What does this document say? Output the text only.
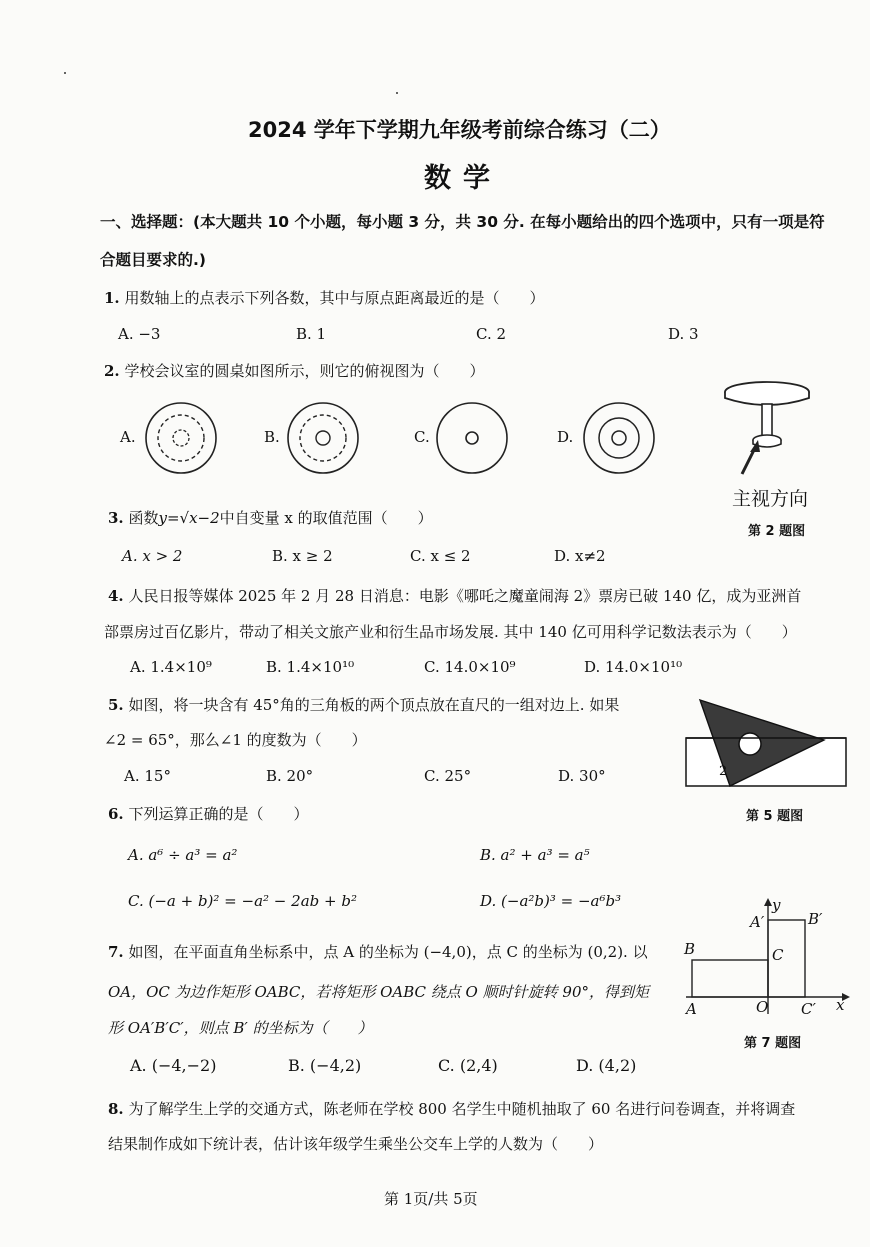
2024 学年下学期九年级考前综合练习（二）
数学
一、选择题：(本大题共 10 个小题，每小题 3 分，共 30 分. 在每小题给出的四个选项中，只有一项是符
合题目要求的.)
1. 用数轴上的点表示下列各数，其中与原点距离最近的是（　　）
A. −3	B. 1	C. 2	D. 3
2. 学校会议室的圆桌如图所示，则它的俯视图为（　　）
A.	B.	C.	D.
主视方向
第 2 题图
3. 函数y=√x−2中自变量 x 的取值范围（　　）
A. x > 2	B. x ≥ 2	C. x ≤ 2	D. x≠2
4. 人民日报等媒体 2025 年 2 月 28 日消息：电影《哪吒之魔童闹海 2》票房已破 140 亿，成为亚洲首
部票房过百亿影片，带动了相关文旅产业和衍生品市场发展. 其中 140 亿可用科学记数法表示为（　　）
A. 1.4×10⁹	B. 1.4×10¹⁰	C. 14.0×10⁹	D. 14.0×10¹⁰
5. 如图，将一块含有 45°角的三角板的两个顶点放在直尺的一组对边上. 如果
∠2 = 65°，那么∠1 的度数为（　　）
A. 15°	B. 20°	C. 25°	D. 30°	2
第 5 题图
6. 下列运算正确的是（　　）
A. a⁶ ÷ a³ = a²	B. a² + a³ = a⁵
C. (−a + b)² = −a² − 2ab + b²	D. (−a²b)³ = −a⁶b³
7. 如图，在平面直角坐标系中，点 A 的坐标为 (−4,0)，点 C 的坐标为 (0,2). 以
OA，OC 为边作矩形 OABC，若将矩形 OABC 绕点 O 顺时针旋转 90°，得到矩
形 OA′B′C′，则点 B′ 的坐标为（　　）
A. (−4,−2)	B. (−4,2)	C. (2,4)	D. (4,2)
y
x
A′	B′
B	C
O C′
A
第 7 题图
8. 为了解学生上学的交通方式，陈老师在学校 800 名学生中随机抽取了 60 名进行问卷调查，并将调查
结果制作成如下统计表，估计该年级学生乘坐公交车上学的人数为（　　）
第 1页/共 5页
